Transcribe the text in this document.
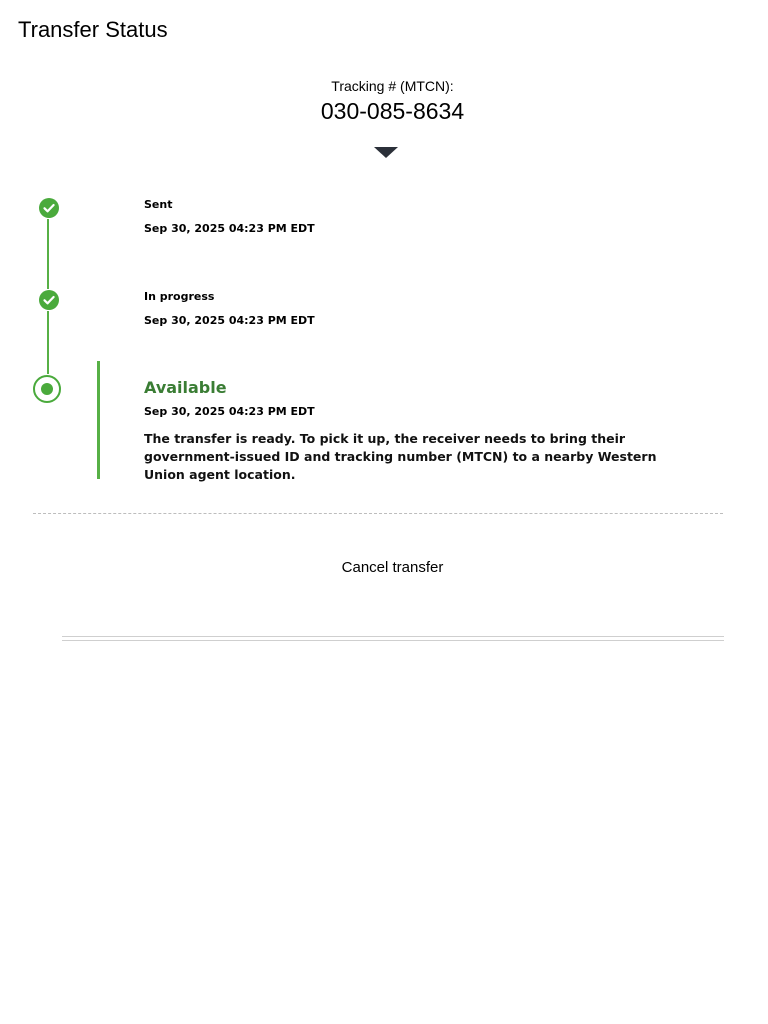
Transfer Status
Tracking # (MTCN):
030-085-8634
Sent
Sep 30, 2025 04:23 PM EDT
In progress
Sep 30, 2025 04:23 PM EDT
Available
Sep 30, 2025 04:23 PM EDT
The transfer is ready. To pick it up, the receiver needs to bring their government-issued ID and tracking number (MTCN) to a nearby Western Union agent location.
Cancel transfer
